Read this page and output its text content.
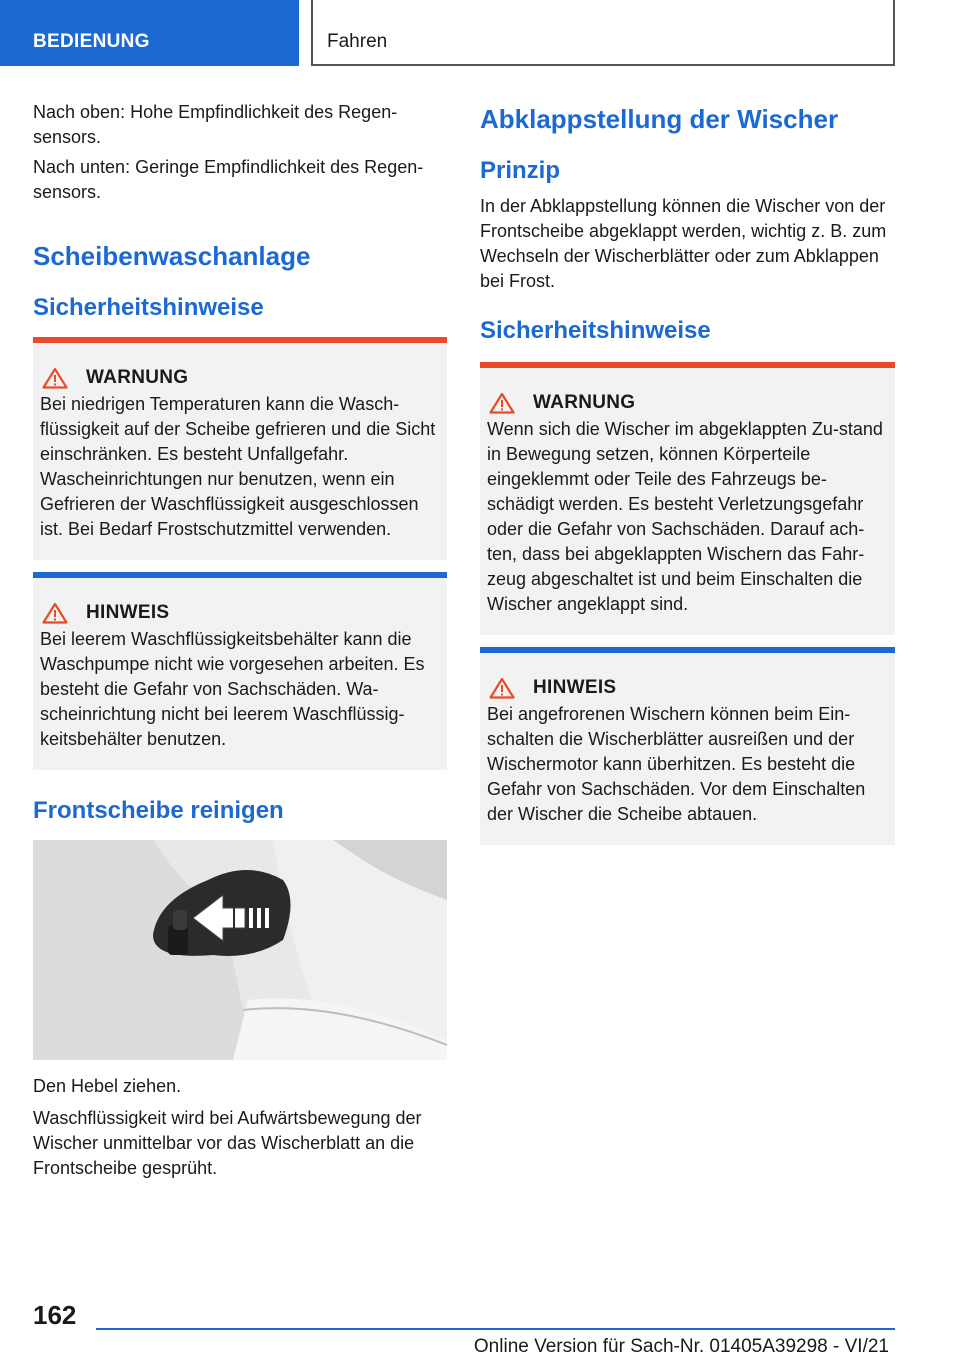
BEDIENUNG	Fahren

Nach oben: Hohe Empfindlichkeit des Regen-sensors.

Nach unten: Geringe Empfindlichkeit des Regen-sensors.

Scheibenwaschanlage
Sicherheitshinweise
WARNUNG
Bei niedrigen Temperaturen kann die Wasch-flüssigkeit auf der Scheibe gefrieren und die Sicht einschränken. Es besteht Unfallgefahr. Wascheinrichtungen nur benutzen, wenn ein Gefrieren der Waschflüssigkeit ausgeschlossen ist. Bei Bedarf Frostschutzmittel verwenden.
HINWEIS
Bei leerem Waschflüssigkeitsbehälter kann die Waschpumpe nicht wie vorgesehen arbeiten. Es besteht die Gefahr von Sachschäden. Wa-scheinrichtung nicht bei leerem Waschflüssig-keitsbehälter benutzen.
Frontscheibe reinigen

Den Hebel ziehen.

Waschflüssigkeit wird bei Aufwärtsbewegung der Wischer unmittelbar vor das Wischerblatt an die Frontscheibe gesprüht.

Abklappstellung der Wischer
Prinzip

In der Abklappstellung können die Wischer von der Frontscheibe abgeklappt werden, wichtig z. B. zum Wechseln der Wischerblätter oder zum Abklappen bei Frost.

Sicherheitshinweise
WARNUNG
Wenn sich die Wischer im abgeklappten Zu-stand in Bewegung setzen, können Körperteile eingeklemmt oder Teile des Fahrzeugs be-schädigt werden. Es besteht Verletzungsgefahr oder die Gefahr von Sachschäden. Darauf ach-ten, dass bei abgeklappten Wischern das Fahr-zeug abgeschaltet ist und beim Einschalten die Wischer angeklappt sind.
HINWEIS
Bei angefrorenen Wischern können beim Ein-schalten die Wischerblätter ausreißen und der Wischermotor kann überhitzen. Es besteht die Gefahr von Sachschäden. Vor dem Einschalten der Wischer die Scheibe abtauen.
162
Online Version für Sach-Nr. 01405A39298 - VI/21
